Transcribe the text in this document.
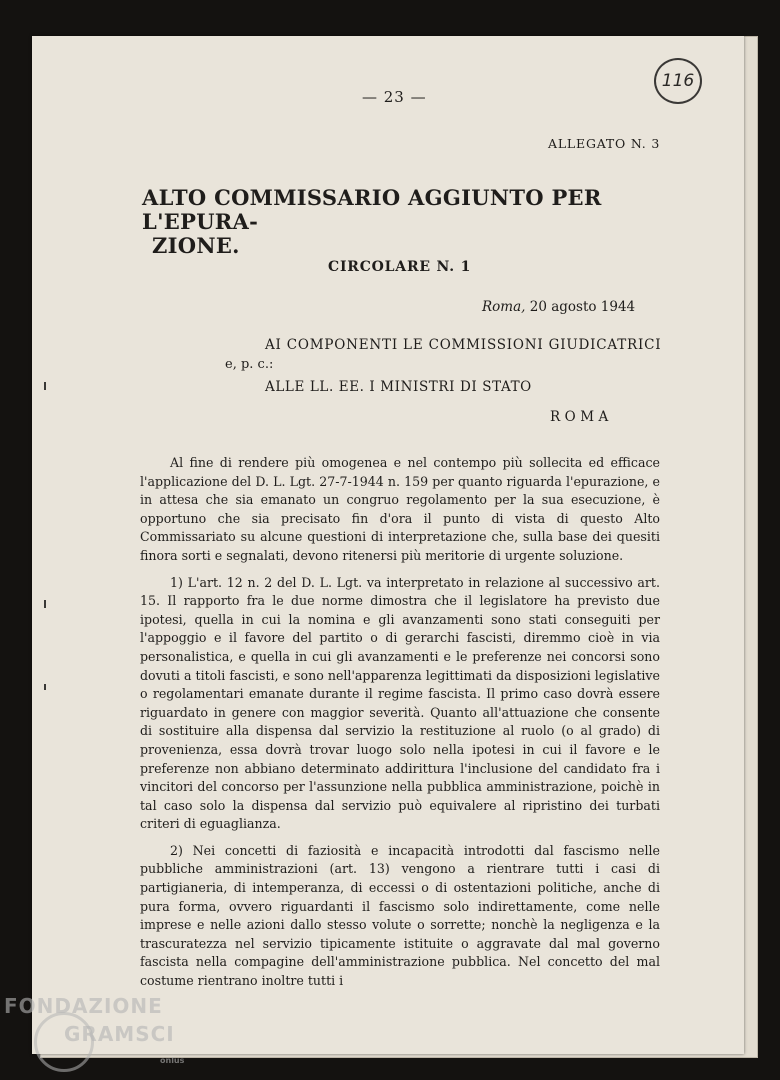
— 23 —
116
ALLEGATO N. 3
ALTO COMMISSARIO AGGIUNTO PER L'EPURA-
ZIONE.
CIRCOLARE N. 1
Roma, 20 agosto 1944
AI COMPONENTI LE COMMISSIONI GIUDICATRICI
e, p. c.:
ALLE LL. EE. I MINISTRI DI STATO
ROMA

Al fine di rendere più omogenea e nel contempo più sollecita ed efficace l'applicazione del D. L. Lgt. 27-7-1944 n. 159 per quanto riguarda l'epurazione, e in attesa che sia emanato un congruo regolamento per la sua esecuzione, è opportuno che sia precisato fin d'ora il punto di vista di questo Alto Commissariato su alcune questioni di interpretazione che, sulla base dei quesiti finora sorti e segnalati, devono ritenersi più meritorie di urgente soluzione.

1) L'art. 12 n. 2 del D. L. Lgt. va interpretato in relazione al successivo art. 15. Il rapporto fra le due norme dimostra che il legislatore ha previsto due ipotesi, quella in cui la nomina e gli avanzamenti sono stati conseguiti per l'appoggio e il favore del partito o di gerarchi fascisti, diremmo cioè in via personalistica, e quella in cui gli avanzamenti e le preferenze nei concorsi sono dovuti a titoli fascisti, e sono nell'apparenza legittimati da disposizioni legislative o regolamentari emanate durante il regime fascista. Il primo caso dovrà essere riguardato in genere con maggior severità. Quanto all'attuazione che consente di sostituire alla dispensa dal servizio la restituzione al ruolo (o al grado) di provenienza, essa dovrà trovar luogo solo nella ipotesi in cui il favore e le preferenze non abbiano determinato addirittura l'inclusione del candidato fra i vincitori del concorso per l'assunzione nella pubblica amministrazione, poichè in tal caso solo la dispensa dal servizio può equivalere al ripristino dei turbati criteri di eguaglianza.

2) Nei concetti di faziosità e incapacità introdotti dal fascismo nelle pubbliche amministrazioni (art. 13) vengono a rientrare tutti i casi di partigianeria, di intemperanza, di eccessi o di ostentazioni politiche, anche di pura forma, ovvero riguardanti il fascismo solo indirettamente, come nelle imprese e nelle azioni dallo stesso volute o sorrette; nonchè la negligenza e la trascuratezza nel servizio tipicamente istituite o aggravate dal mal governo fascista nella compagine dell'amministrazione pubblica. Nel concetto del mal costume rientrano inoltre tutti i

FONDAZIONE
GRAMSCI
onlus
